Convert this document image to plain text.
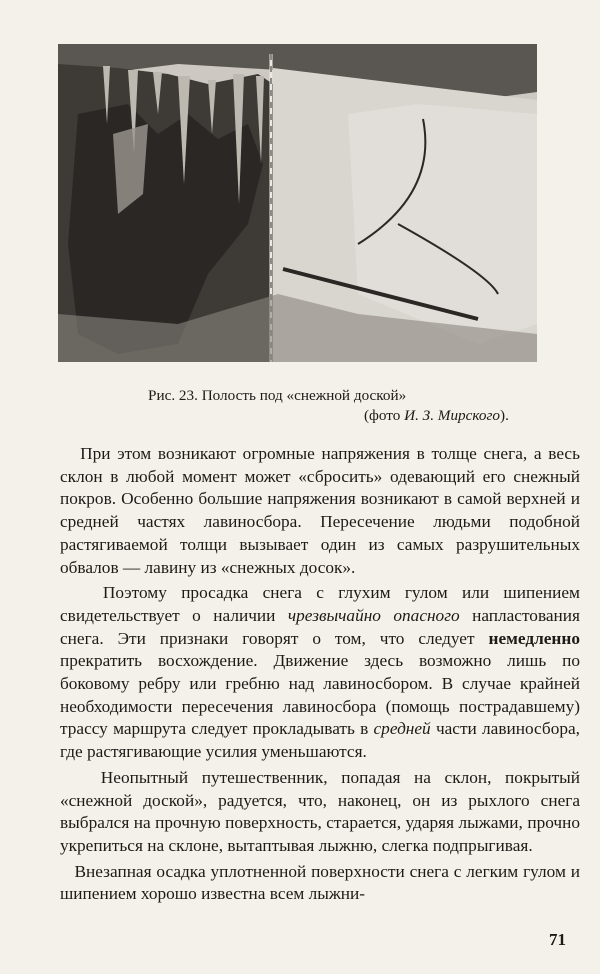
Рис. 23. Полость под «снежной доской»
(фото И. З. Мирского).

При этом возникают огромные напряжения в толще снега, а весь склон в любой момент может «сбросить» одевающий его снежный покров. Особенно большие напряжения возникают в самой верхней и средней частях лавиносбора. Пересечение людьми подобной растягиваемой толщи вызывает один из самых разрушительных обвалов — лавину из «снежных досок».

Поэтому просадка снега с глухим гулом или шипением свидетельствует о наличии чрезвычайно опасного напластования снега. Эти признаки говорят о том, что следует немедленно прекратить восхождение. Движение здесь возможно лишь по боковому ребру или гребню над лавиносбором. В случае крайней необходимости пересечения лавиносбора (помощь пострадавшему) трассу маршрута следует прокладывать в средней части лавиносбора, где растягивающие усилия уменьшаются.

Неопытный путешественник, попадая на склон, покрытый «снежной доской», радуется, что, наконец, он из рыхлого снега выбрался на прочную поверхность, старается, ударяя лыжами, прочно укрепиться на склоне, вытаптывая лыжню, слегка подпрыгивая.

Внезапная осадка уплотненной поверхности снега с легким гулом и шипением хорошо известна всем лыжни-

71
